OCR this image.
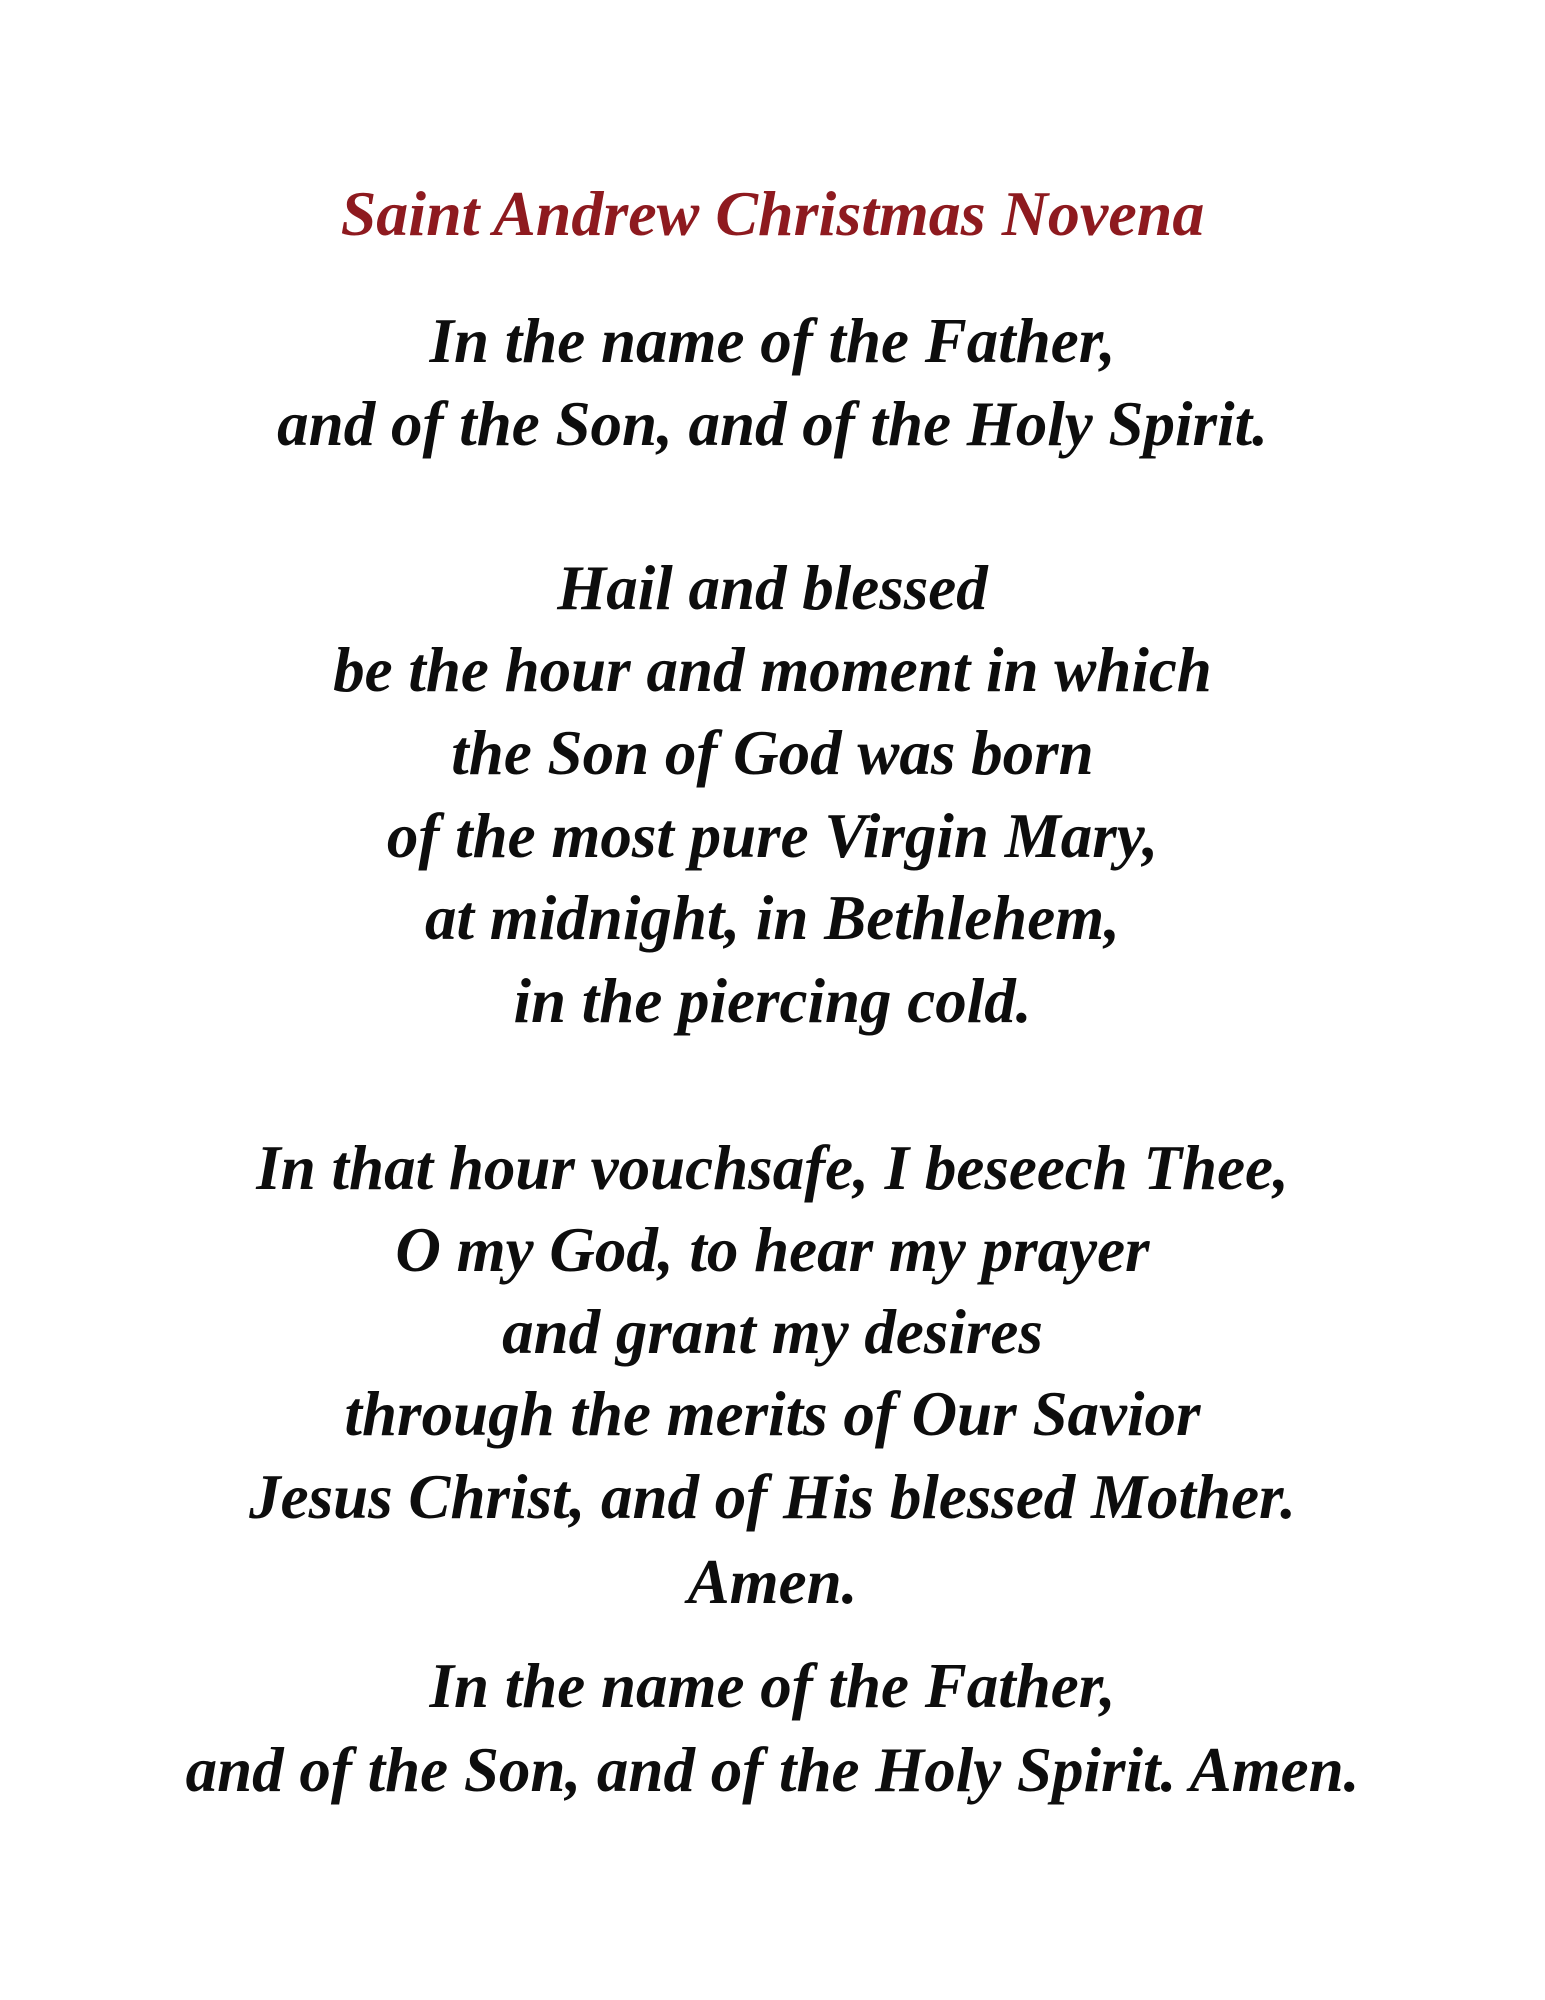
Saint Andrew Christmas Novena
In the name of the Father,
and of the Son, and of the Holy Spirit.
Hail and blessed
be the hour and moment in which
the Son of God was born
of the most pure Virgin Mary,
at midnight, in Bethlehem,
in the piercing cold.
In that hour vouchsafe, I beseech Thee,
O my God, to hear my prayer
and grant my desires
through the merits of Our Savior
Jesus Christ, and of His blessed Mother.
Amen.
In the name of the Father,
and of the Son, and of the Holy Spirit. Amen.
